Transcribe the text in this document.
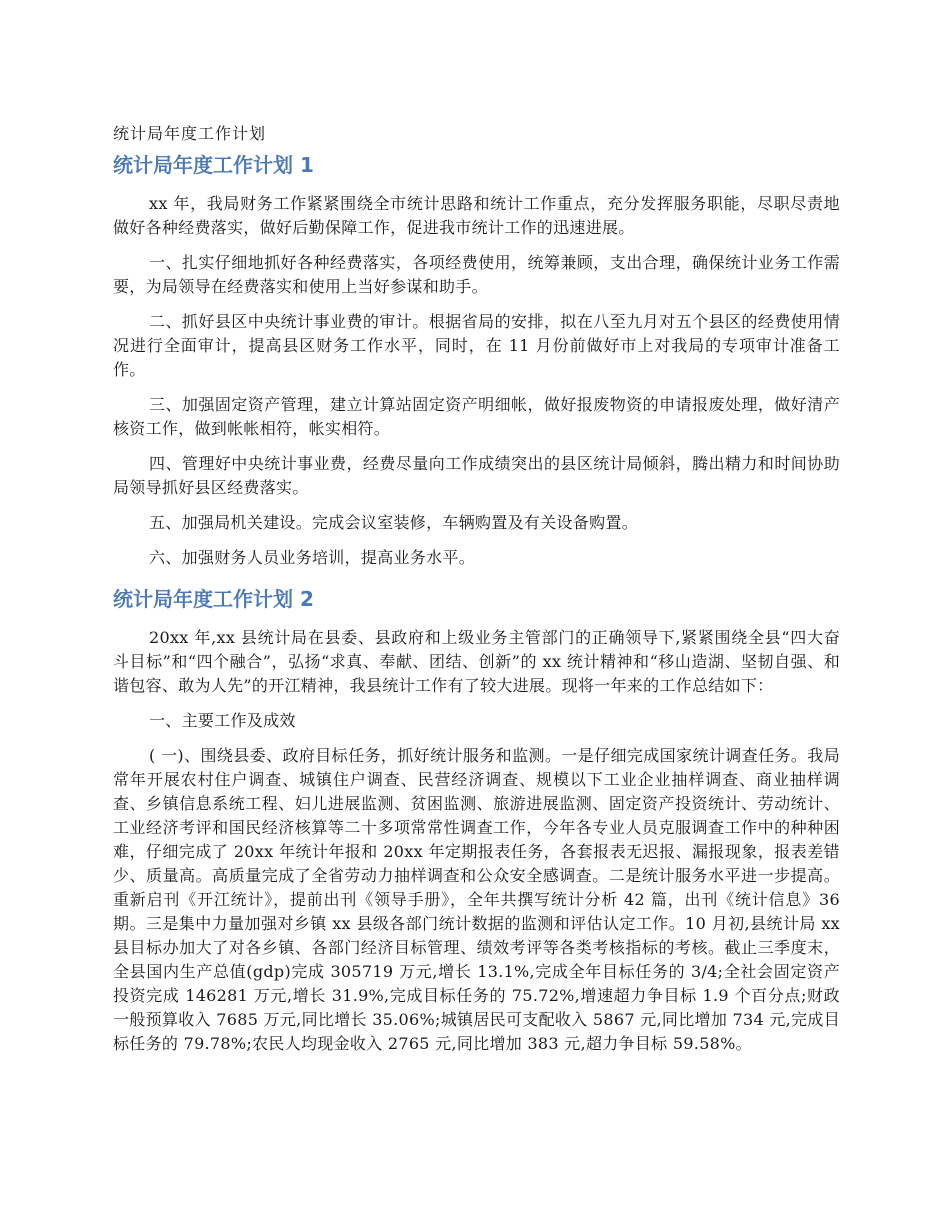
统计局年度工作计划
统计局年度工作计划 1

xx 年，我局财务工作紧紧围绕全市统计思路和统计工作重点，充分发挥服务职能，尽职尽责地做好各种经费落实，做好后勤保障工作，促进我市统计工作的迅速进展。

一、扎实仔细地抓好各种经费落实，各项经费使用，统筹兼顾，支出合理，确保统计业务工作需要，为局领导在经费落实和使用上当好参谋和助手。

二、抓好县区中央统计事业费的审计。根据省局的安排，拟在八至九月对五个县区的经费使用情况进行全面审计，提高县区财务工作水平，同时，在 11 月份前做好市上对我局的专项审计准备工作。

三、加强固定资产管理，建立计算站固定资产明细帐，做好报废物资的申请报废处理，做好清产核资工作，做到帐帐相符，帐实相符。

四、管理好中央统计事业费，经费尽量向工作成绩突出的县区统计局倾斜，腾出精力和时间协助局领导抓好县区经费落实。

五、加强局机关建设。完成会议室装修，车辆购置及有关设备购置。

六、加强财务人员业务培训，提高业务水平。

统计局年度工作计划 2

20xx 年,xx 县统计局在县委、县政府和上级业务主管部门的正确领导下,紧紧围绕全县“四大奋斗目标”和“四个融合”，弘扬“求真、奉献、团结、创新”的 xx 统计精神和“移山造湖、坚韧自强、和谐包容、敢为人先”的开江精神，我县统计工作有了较大进展。现将一年来的工作总结如下：

一、主要工作及成效

( 一)、围绕县委、政府目标任务，抓好统计服务和监测。一是仔细完成国家统计调查任务。我局常年开展农村住户调查、城镇住户调查、民营经济调查、规模以下工业企业抽样调查、商业抽样调查、乡镇信息系统工程、妇儿进展监测、贫困监测、旅游进展监测、固定资产投资统计、劳动统计、工业经济考评和国民经济核算等二十多项常常性调查工作，今年各专业人员克服调查工作中的种种困难，仔细完成了 20xx 年统计年报和 20xx 年定期报表任务，各套报表无迟报、漏报现象，报表差错少、质量高。高质量完成了全省劳动力抽样调查和公众安全感调查。二是统计服务水平进一步提高。重新启刊《开江统计》，提前出刊《领导手册》，全年共撰写统计分析 42 篇，出刊《统计信息》36 期。三是集中力量加强对乡镇 xx 县级各部门统计数据的监测和评估认定工作。10 月初,县统计局 xx 县目标办加大了对各乡镇、各部门经济目标管理、绩效考评等各类考核指标的考核。截止三季度末，全县国内生产总值(gdp)完成 305719 万元,增长 13.1%,完成全年目标任务的 3/4;全社会固定资产投资完成 146281 万元,增长 31.9%,完成目标任务的 75.72%,增速超力争目标 1.9 个百分点;财政一般预算收入 7685 万元,同比增长 35.06%;城镇居民可支配收入 5867 元,同比增加 734 元,完成目标任务的 79.78%;农民人均现金收入 2765 元,同比增加 383 元,超力争目标 59.58%。
